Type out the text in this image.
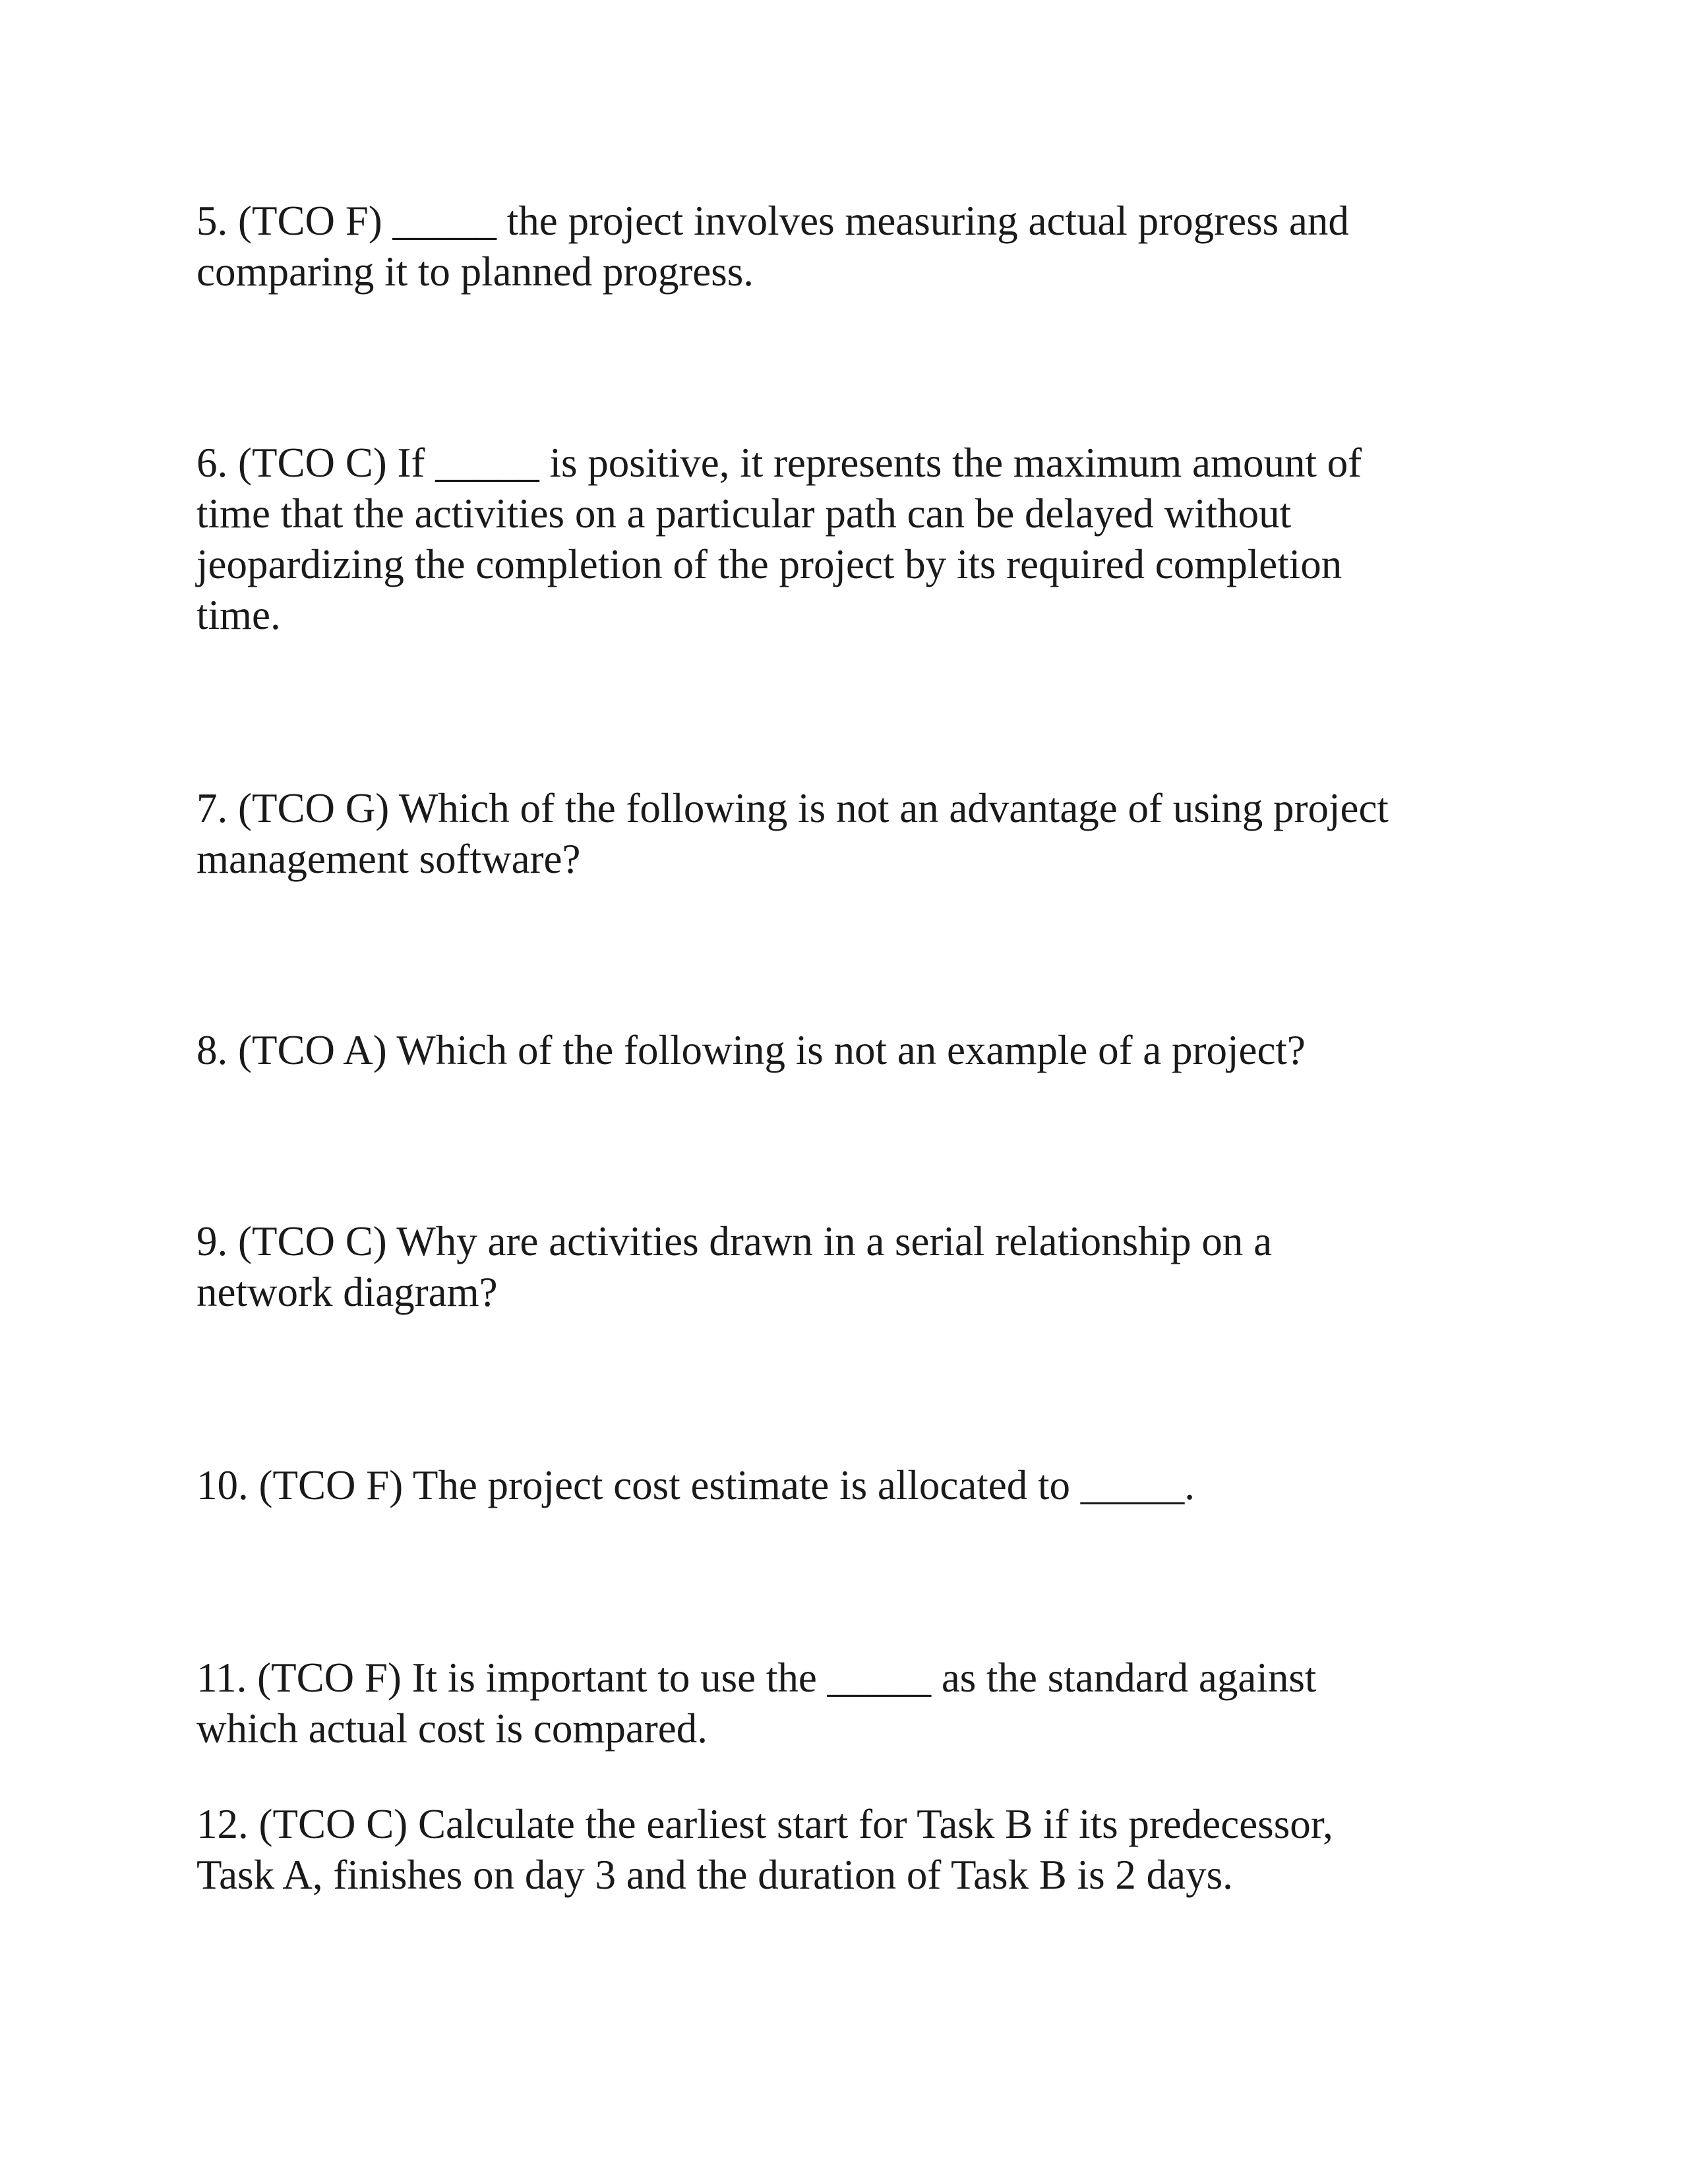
5. (TCO F) _____ the project involves measuring actual progress and
comparing it to planned progress.

6. (TCO C) If _____ is positive, it represents the maximum amount of
time that the activities on a particular path can be delayed without
jeopardizing the completion of the project by its required completion
time.

7. (TCO G) Which of the following is not an advantage of using project
management software?

8. (TCO A) Which of the following is not an example of a project?

9. (TCO C) Why are activities drawn in a serial relationship on a
network diagram?

10. (TCO F) The project cost estimate is allocated to _____.

11. (TCO F) It is important to use the _____ as the standard against
which actual cost is compared.

12. (TCO C) Calculate the earliest start for Task B if its predecessor,
Task A, finishes on day 3 and the duration of Task B is 2 days.
